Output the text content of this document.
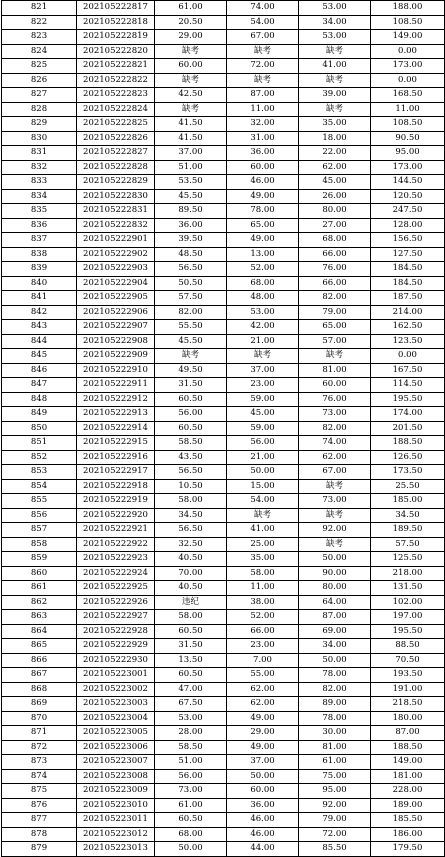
821	202105222817	61.00	74.00	53.00	188.00
822	202105222818	20.50	54.00	34.00	108.50
823	202105222819	29.00	67.00	53.00	149.00
824	202105222820	缺考	缺考	缺考	0.00
825	202105222821	60.00	72.00	41.00	173.00
826	202105222822	缺考	缺考	缺考	0.00
827	202105222823	42.50	87.00	39.00	168.50
828	202105222824	缺考	11.00	缺考	11.00
829	202105222825	41.50	32.00	35.00	108.50
830	202105222826	41.50	31.00	18.00	90.50
831	202105222827	37.00	36.00	22.00	95.00
832	202105222828	51.00	60.00	62.00	173.00
833	202105222829	53.50	46.00	45.00	144.50
834	202105222830	45.50	49.00	26.00	120.50
835	202105222831	89.50	78.00	80.00	247.50
836	202105222832	36.00	65.00	27.00	128.00
837	202105222901	39.50	49.00	68.00	156.50
838	202105222902	48.50	13.00	66.00	127.50
839	202105222903	56.50	52.00	76.00	184.50
840	202105222904	50.50	68.00	66.00	184.50
841	202105222905	57.50	48.00	82.00	187.50
842	202105222906	82.00	53.00	79.00	214.00
843	202105222907	55.50	42.00	65.00	162.50
844	202105222908	45.50	21.00	57.00	123.50
845	202105222909	缺考	缺考	缺考	0.00
846	202105222910	49.50	37.00	81.00	167.50
847	202105222911	31.50	23.00	60.00	114.50
848	202105222912	60.50	59.00	76.00	195.50
849	202105222913	56.00	45.00	73.00	174.00
850	202105222914	60.50	59.00	82.00	201.50
851	202105222915	58.50	56.00	74.00	188.50
852	202105222916	43.50	21.00	62.00	126.50
853	202105222917	56.50	50.00	67.00	173.50
854	202105222918	10.50	15.00	缺考	25.50
855	202105222919	58.00	54.00	73.00	185.00
856	202105222920	34.50	缺考	缺考	34.50
857	202105222921	56.50	41.00	92.00	189.50
858	202105222922	32.50	25.00	缺考	57.50
859	202105222923	40.50	35.00	50.00	125.50
860	202105222924	70.00	58.00	90.00	218.00
861	202105222925	40.50	11.00	80.00	131.50
862	202105222926	违纪	38.00	64.00	102.00
863	202105222927	58.00	52.00	87.00	197.00
864	202105222928	60.50	66.00	69.00	195.50
865	202105222929	31.50	23.00	34.00	88.50
866	202105222930	13.50	7.00	50.00	70.50
867	202105223001	60.50	55.00	78.00	193.50
868	202105223002	47.00	62.00	82.00	191.00
869	202105223003	67.50	62.00	89.00	218.50
870	202105223004	53.00	49.00	78.00	180.00
871	202105223005	28.00	29.00	30.00	87.00
872	202105223006	58.50	49.00	81.00	188.50
873	202105223007	51.00	37.00	61.00	149.00
874	202105223008	56.00	50.00	75.00	181.00
875	202105223009	73.00	60.00	95.00	228.00
876	202105223010	61.00	36.00	92.00	189.00
877	202105223011	60.50	46.00	79.00	185.50
878	202105223012	68.00	46.00	72.00	186.00
879	202105223013	50.00	44.00	85.50	179.50
